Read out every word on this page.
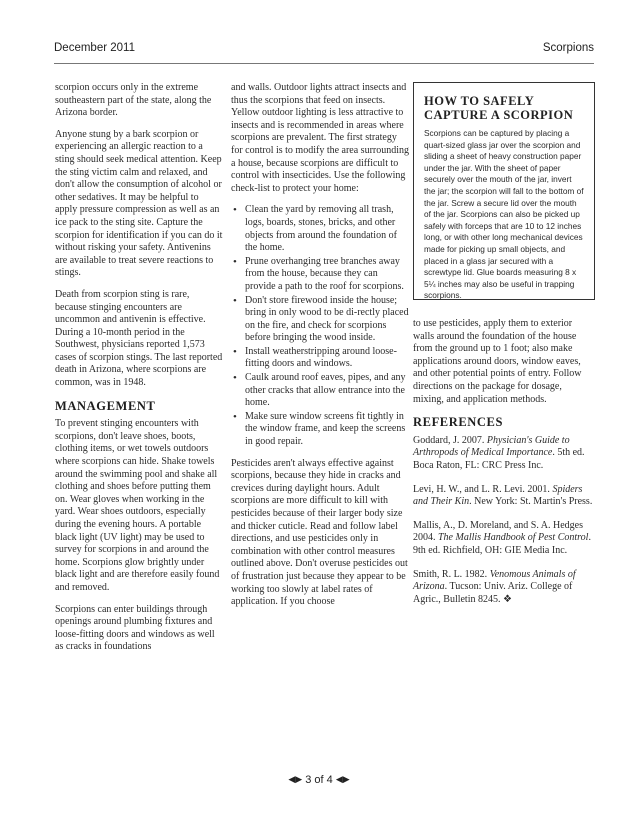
December 2011	Scorpions

scorpion occurs only in the extreme southeastern part of the state, along the Arizona border.

Anyone stung by a bark scorpion or experiencing an allergic reaction to a sting should seek medical attention. Keep the sting victim calm and relaxed, and don't allow the consumption of alcohol or other sedatives. It may be helpful to apply pressure compression as well as an ice pack to the sting site. Capture the scorpion for identification if you can do it without risking your safety. Antivenins are available to treat severe reactions to stings.

Death from scorpion sting is rare, because stinging encounters are uncommon and antivenin is effective. During a 10-month period in the Southwest, physicians reported 1,573 cases of scorpion stings. The last reported death in Arizona, where scorpions are common, was in 1948.

MANAGEMENT

To prevent stinging encounters with scorpions, don't leave shoes, boots, clothing items, or wet towels outdoors where scorpions can hide. Shake towels around the swimming pool and shake all clothing and shoes before putting them on. Wear gloves when working in the yard. Wear shoes outdoors, especially during the evening hours. A portable black light (UV light) may be used to survey for scorpions in and around the home. Scorpions glow brightly under black light and are therefore easily found and removed.

Scorpions can enter buildings through openings around plumbing fixtures and loose-fitting doors and windows as well as cracks in foundations

and walls. Outdoor lights attract insects and thus the scorpions that feed on insects. Yellow outdoor lighting is less attractive to insects and is recommended in areas where scorpions are prevalent. The first strategy for control is to modify the area surrounding a house, because scorpions are difficult to control with insecticides. Use the following check-list to protect your home:

• Clean the yard by removing all trash, logs, boards, stones, bricks, and other objects from around the foundation of the home.
• Prune overhanging tree branches away from the house, because they can provide a path to the roof for scorpions.
• Don't store firewood inside the house; bring in only wood to be di-rectly placed on the fire, and check for scorpions before bringing the wood inside.
• Install weatherstripping around loose-fitting doors and windows.
• Caulk around roof eaves, pipes, and any other cracks that allow entrance into the home.
• Make sure window screens fit tightly in the window frame, and keep the screens in good repair.

Pesticides aren't always effective against scorpions, because they hide in cracks and crevices during daylight hours. Adult scorpions are more difficult to kill with pesticides because of their larger body size and thicker cuticle. Read and follow label directions, and use pesticides only in combination with other control measures outlined above. Don't overuse pesticides out of frustration just because they appear to be working too slowly at label rates of application. If you choose

HOW TO SAFELY CAPTURE A SCORPION

Scorpions can be captured by placing a quart-sized glass jar over the scorpion and sliding a sheet of heavy construction paper under the jar. With the sheet of paper securely over the mouth of the jar, invert the jar; the scorpion will fall to the bottom of the jar. Screw a secure lid over the mouth of the jar. Scorpions can also be picked up safely with forceps that are 10 to 12 inches long, or with other long mechanical devices made for picking up small objects, and placed in a glass jar secured with a screwtype lid. Glue boards measuring 8 x 5¼ inches may also be useful in trapping scorpions.

to use pesticides, apply them to exterior walls around the foundation of the house from the ground up to 1 foot; also make applications around doors, window eaves, and other potential points of entry. Follow directions on the package for dosage, mixing, and application methods.

REFERENCES
Goddard, J. 2007. Physician's Guide to Arthropods of Medical Importance. 5th ed. Boca Raton, FL: CRC Press Inc.
Levi, H. W., and L. R. Levi. 2001. Spiders and Their Kin. New York: St. Martin's Press.
Mallis, A., D. Moreland, and S. A. Hedges 2004. The Mallis Handbook of Pest Control. 9th ed. Richfield, OH: GIE Media Inc.
Smith, R. L. 1982. Venomous Animals of Arizona. Tucson: Univ. Ariz. College of Agric., Bulletin 8245. ❖
◀▶ 3 of 4 ◀▶
